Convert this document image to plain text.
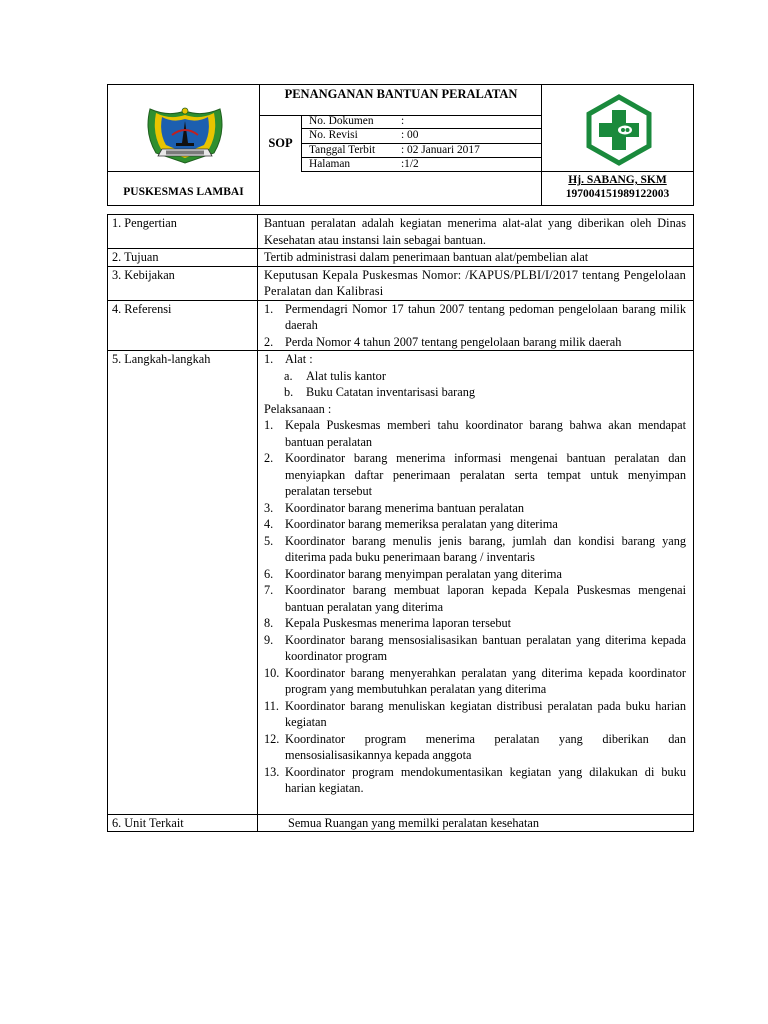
PUSKESMAS LAMBAI
PENANGANAN BANTUAN PERALATAN
SOP
No. Dokumen :
No. Revisi	: 00
Tanggal Terbit : 02 Januari 2017
Halaman	:1/2
Hj. SABANG, SKM
197004151989122003
1. Pengertian	Bantuan peralatan adalah kegiatan menerima alat-alat yang diberikan oleh Dinas Kesehatan atau instansi lain sebagai bantuan.
2. Tujuan	Tertib administrasi dalam penerimaan bantuan alat/pembelian alat
3. Kebijakan	Keputusan Kepala Puskesmas Nomor: /KAPUS/PLBI/I/2017 tentang Pengelolaan Peralatan dan Kalibrasi
4. Referensi	1. Permendagri Nomor 17 tahun 2007 tentang pedoman pengelolaan barang milik daerah
2. Perda Nomor 4 tahun 2007 tentang pengelolaan barang milik daerah
5. Langkah-langkah	1. Alat :
a.	Alat tulis kantor
b.	Buku Catatan inventarisasi barang
Pelaksanaan :
1. Kepala Puskesmas memberi tahu koordinator barang bahwa akan mendapat bantuan peralatan
2. Koordinator barang menerima informasi mengenai bantuan peralatan dan menyiapkan daftar penerimaan peralatan serta tempat untuk menyimpan peralatan tersebut
3. Koordinator barang menerima bantuan peralatan
4. Koordinator barang memeriksa peralatan yang diterima
5. Koordinator barang menulis jenis barang, jumlah dan kondisi barang yang diterima pada buku penerimaan barang / inventaris
6. Koordinator barang menyimpan peralatan yang diterima
7. Koordinator barang membuat laporan kepada Kepala Puskesmas mengenai bantuan peralatan yang diterima
8. Kepala Puskesmas menerima laporan tersebut
9. Koordinator barang mensosialisasikan bantuan peralatan yang diterima kepada koordinator program
10. Koordinator barang menyerahkan peralatan yang diterima kepada koordinator program yang membutuhkan peralatan yang diterima
11. Koordinator barang menuliskan kegiatan distribusi peralatan pada buku harian kegiatan
12. Koordinator program menerima peralatan yang diberikan dan mensosialisasikannya kepada anggota
13. Koordinator program mendokumentasikan kegiatan yang dilakukan di buku harian kegiatan.
6. Unit Terkait	Semua Ruangan yang memilki peralatan kesehatan
